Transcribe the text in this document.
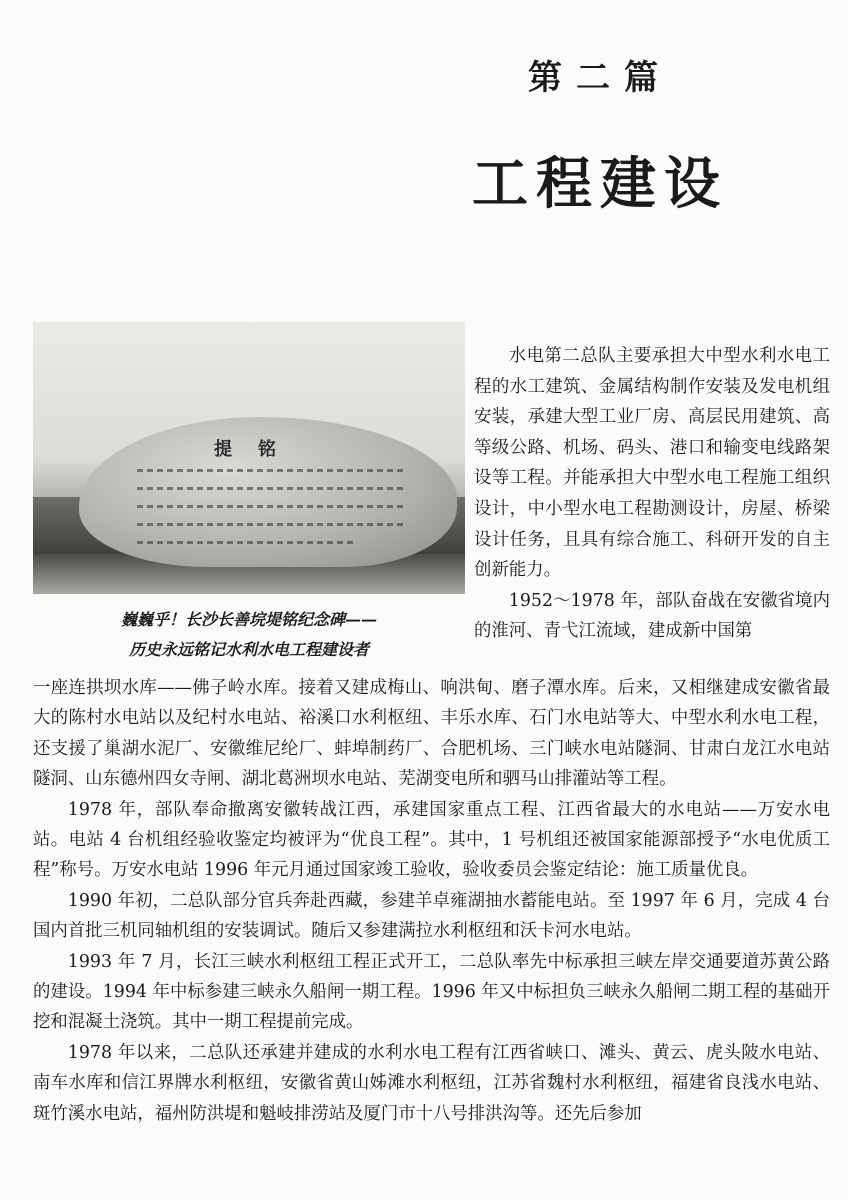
第二篇
工程建设
提铭
巍巍乎！长沙长善垸堤铭纪念碑——
历史永远铭记水利水电工程建设者

水电第二总队主要承担大中型水利水电工程的水工建筑、金属结构制作安装及发电机组安装，承建大型工业厂房、高层民用建筑、高等级公路、机场、码头、港口和输变电线路架设等工程。并能承担大中型水电工程施工组织设计，中小型水电工程勘测设计，房屋、桥梁设计任务，且具有综合施工、科研开发的自主创新能力。

1952～1978 年，部队奋战在安徽省境内的淮河、青弋江流域，建成新中国第

一座连拱坝水库——佛子岭水库。接着又建成梅山、响洪甸、磨子潭水库。后来，又相继建成安徽省最大的陈村水电站以及纪村水电站、裕溪口水利枢纽、丰乐水库、石门水电站等大、中型水利水电工程，还支援了巢湖水泥厂、安徽维尼纶厂、蚌埠制药厂、合肥机场、三门峡水电站隧洞、甘肃白龙江水电站隧洞、山东德州四女寺闸、湖北葛洲坝水电站、芜湖变电所和驷马山排灌站等工程。

1978 年，部队奉命撤离安徽转战江西，承建国家重点工程、江西省最大的水电站——万安水电站。电站 4 台机组经验收鉴定均被评为“优良工程”。其中，1 号机组还被国家能源部授予“水电优质工程”称号。万安水电站 1996 年元月通过国家竣工验收，验收委员会鉴定结论：施工质量优良。

1990 年初，二总队部分官兵奔赴西藏，参建羊卓雍湖抽水蓄能电站。至 1997 年 6 月，完成 4 台国内首批三机同轴机组的安装调试。随后又参建满拉水利枢纽和沃卡河水电站。

1993 年 7 月，长江三峡水利枢纽工程正式开工，二总队率先中标承担三峡左岸交通要道苏黄公路的建设。1994 年中标参建三峡永久船闸一期工程。1996 年又中标担负三峡永久船闸二期工程的基础开挖和混凝土浇筑。其中一期工程提前完成。

1978 年以来，二总队还承建并建成的水利水电工程有江西省峡口、滩头、黄云、虎头陂水电站、南车水库和信江界牌水利枢纽，安徽省黄山姊滩水利枢纽，江苏省魏村水利枢纽，福建省良浅水电站、斑竹溪水电站，福州防洪堤和魁岐排涝站及厦门市十八号排洪沟等。还先后参加
